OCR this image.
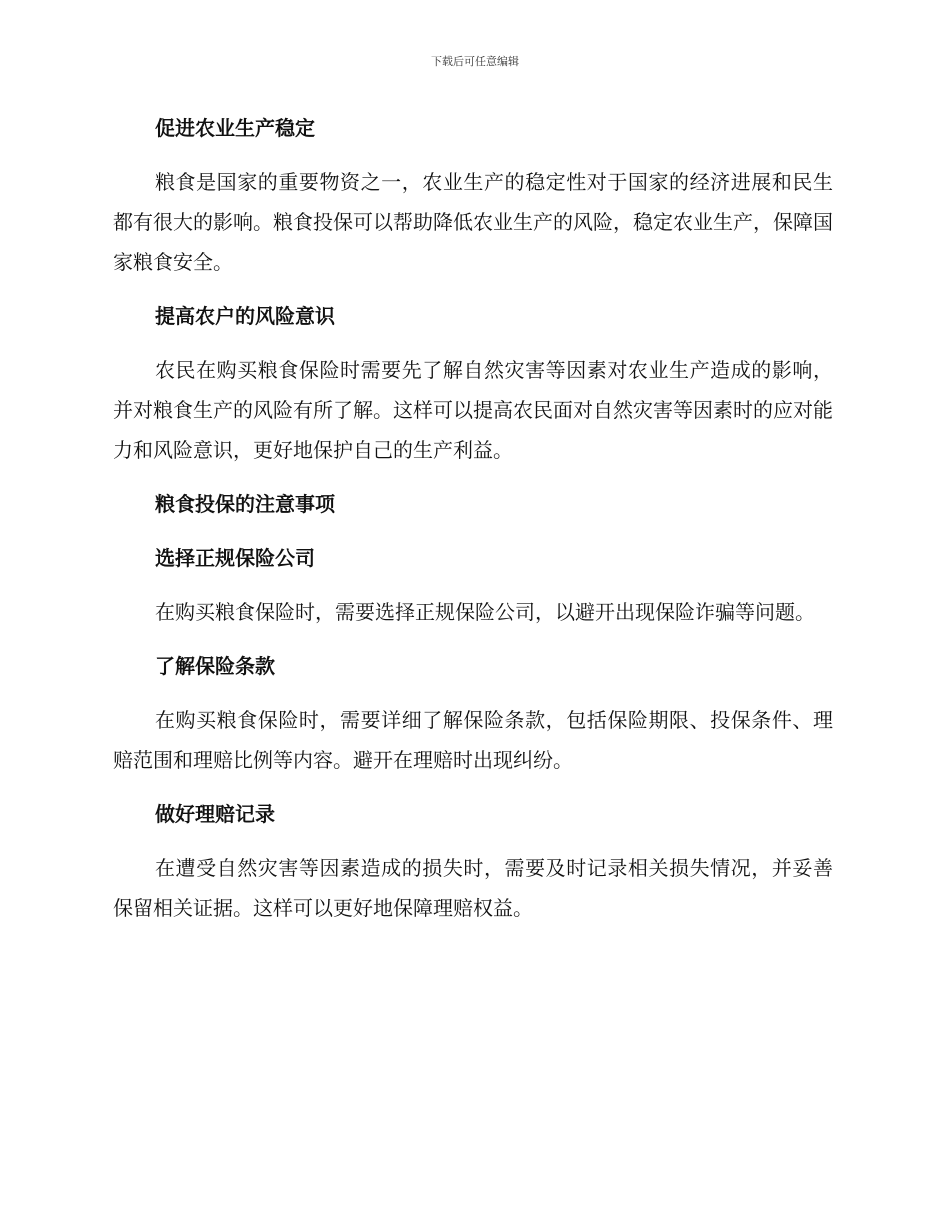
下载后可任意编辑
促进农业生产稳定
粮食是国家的重要物资之一，农业生产的稳定性对于国家的经济进展和民生都有很大的影响。粮食投保可以帮助降低农业生产的风险，稳定农业生产，保障国家粮食安全。
提高农户的风险意识
农民在购买粮食保险时需要先了解自然灾害等因素对农业生产造成的影响，并对粮食生产的风险有所了解。这样可以提高农民面对自然灾害等因素时的应对能力和风险意识，更好地保护自己的生产利益。
粮食投保的注意事项
选择正规保险公司
在购买粮食保险时，需要选择正规保险公司，以避开出现保险诈骗等问题。
了解保险条款
在购买粮食保险时，需要详细了解保险条款，包括保险期限、投保条件、理赔范围和理赔比例等内容。避开在理赔时出现纠纷。
做好理赔记录
在遭受自然灾害等因素造成的损失时，需要及时记录相关损失情况，并妥善保留相关证据。这样可以更好地保障理赔权益。
